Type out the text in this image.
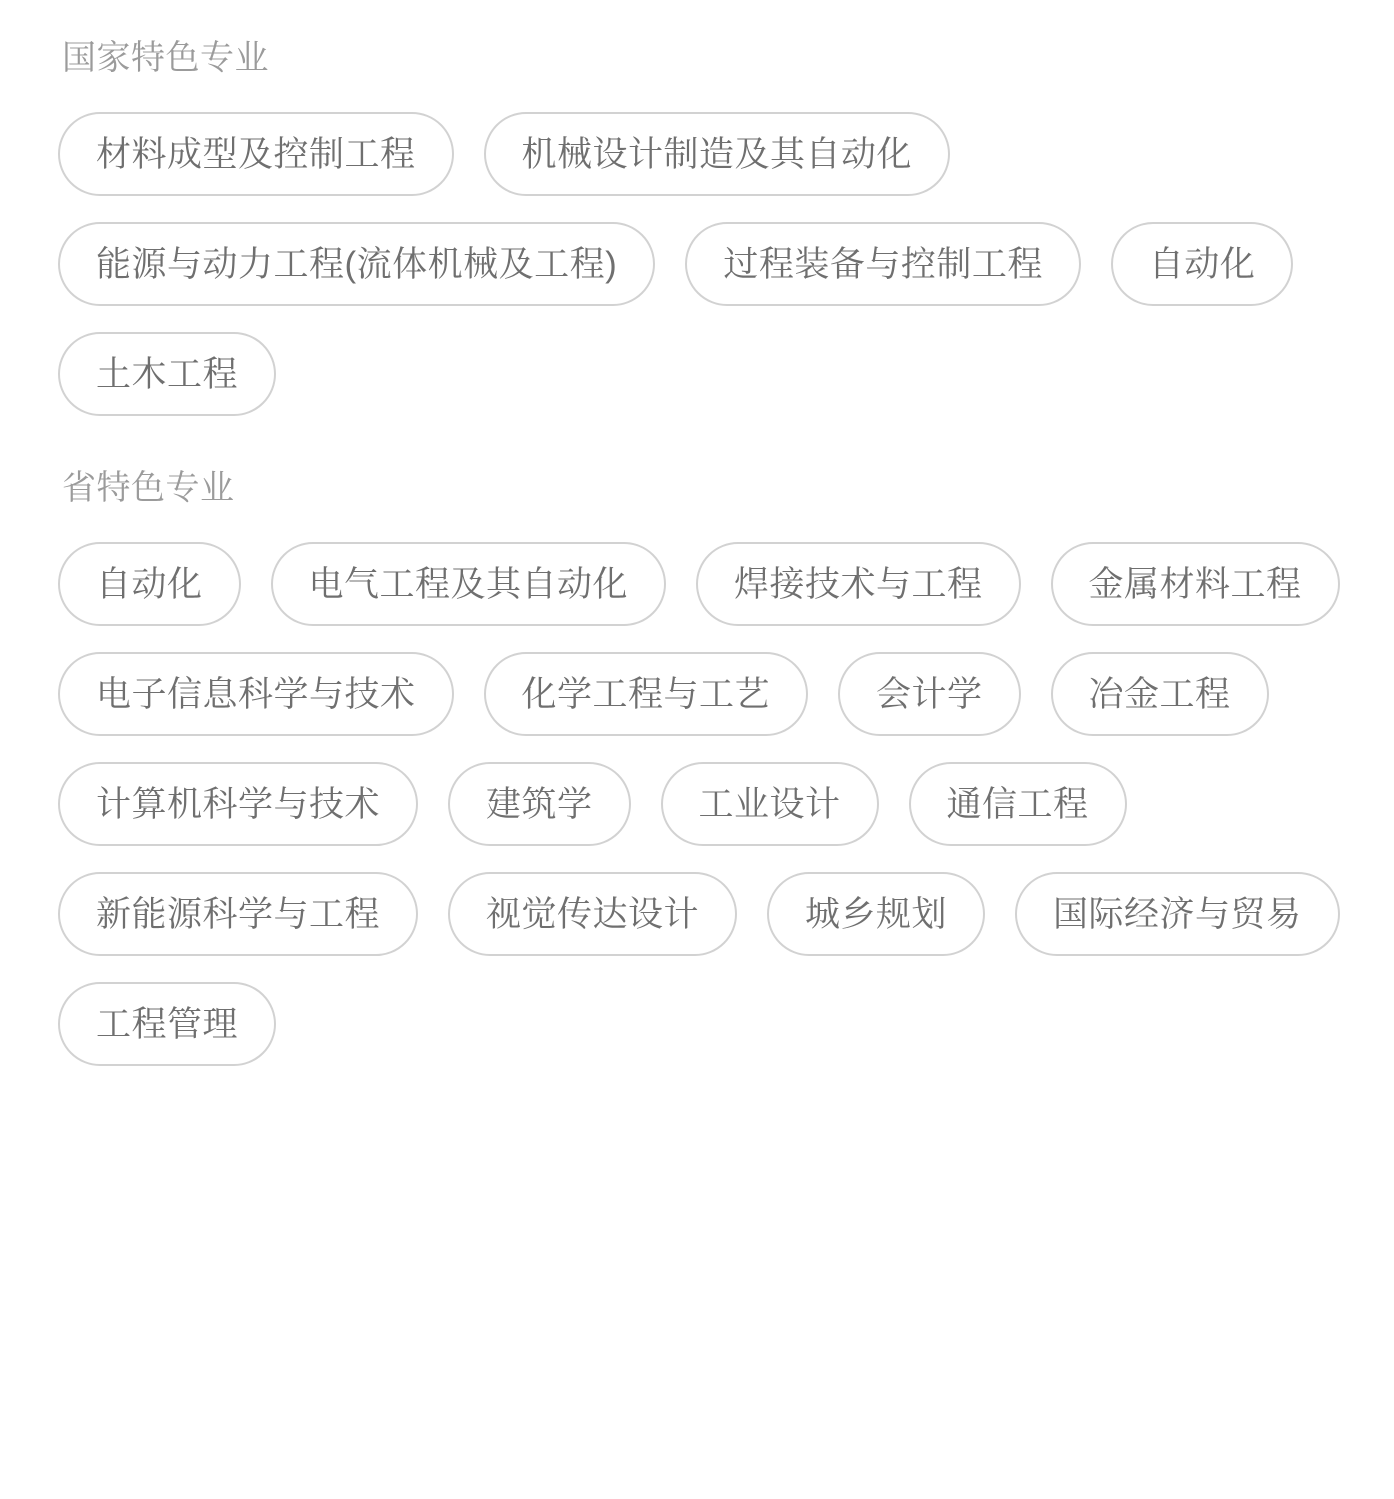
国家特色专业
材料成型及控制工程	机械设计制造及其自动化
能源与动力工程(流体机械及工程)	过程装备与控制工程	自动化
土木工程
省特色专业
自动化	电气工程及其自动化	焊接技术与工程	金属材料工程
电子信息科学与技术	化学工程与工艺	会计学	冶金工程
计算机科学与技术	建筑学	工业设计	通信工程
新能源科学与工程	视觉传达设计	城乡规划	国际经济与贸易
工程管理
